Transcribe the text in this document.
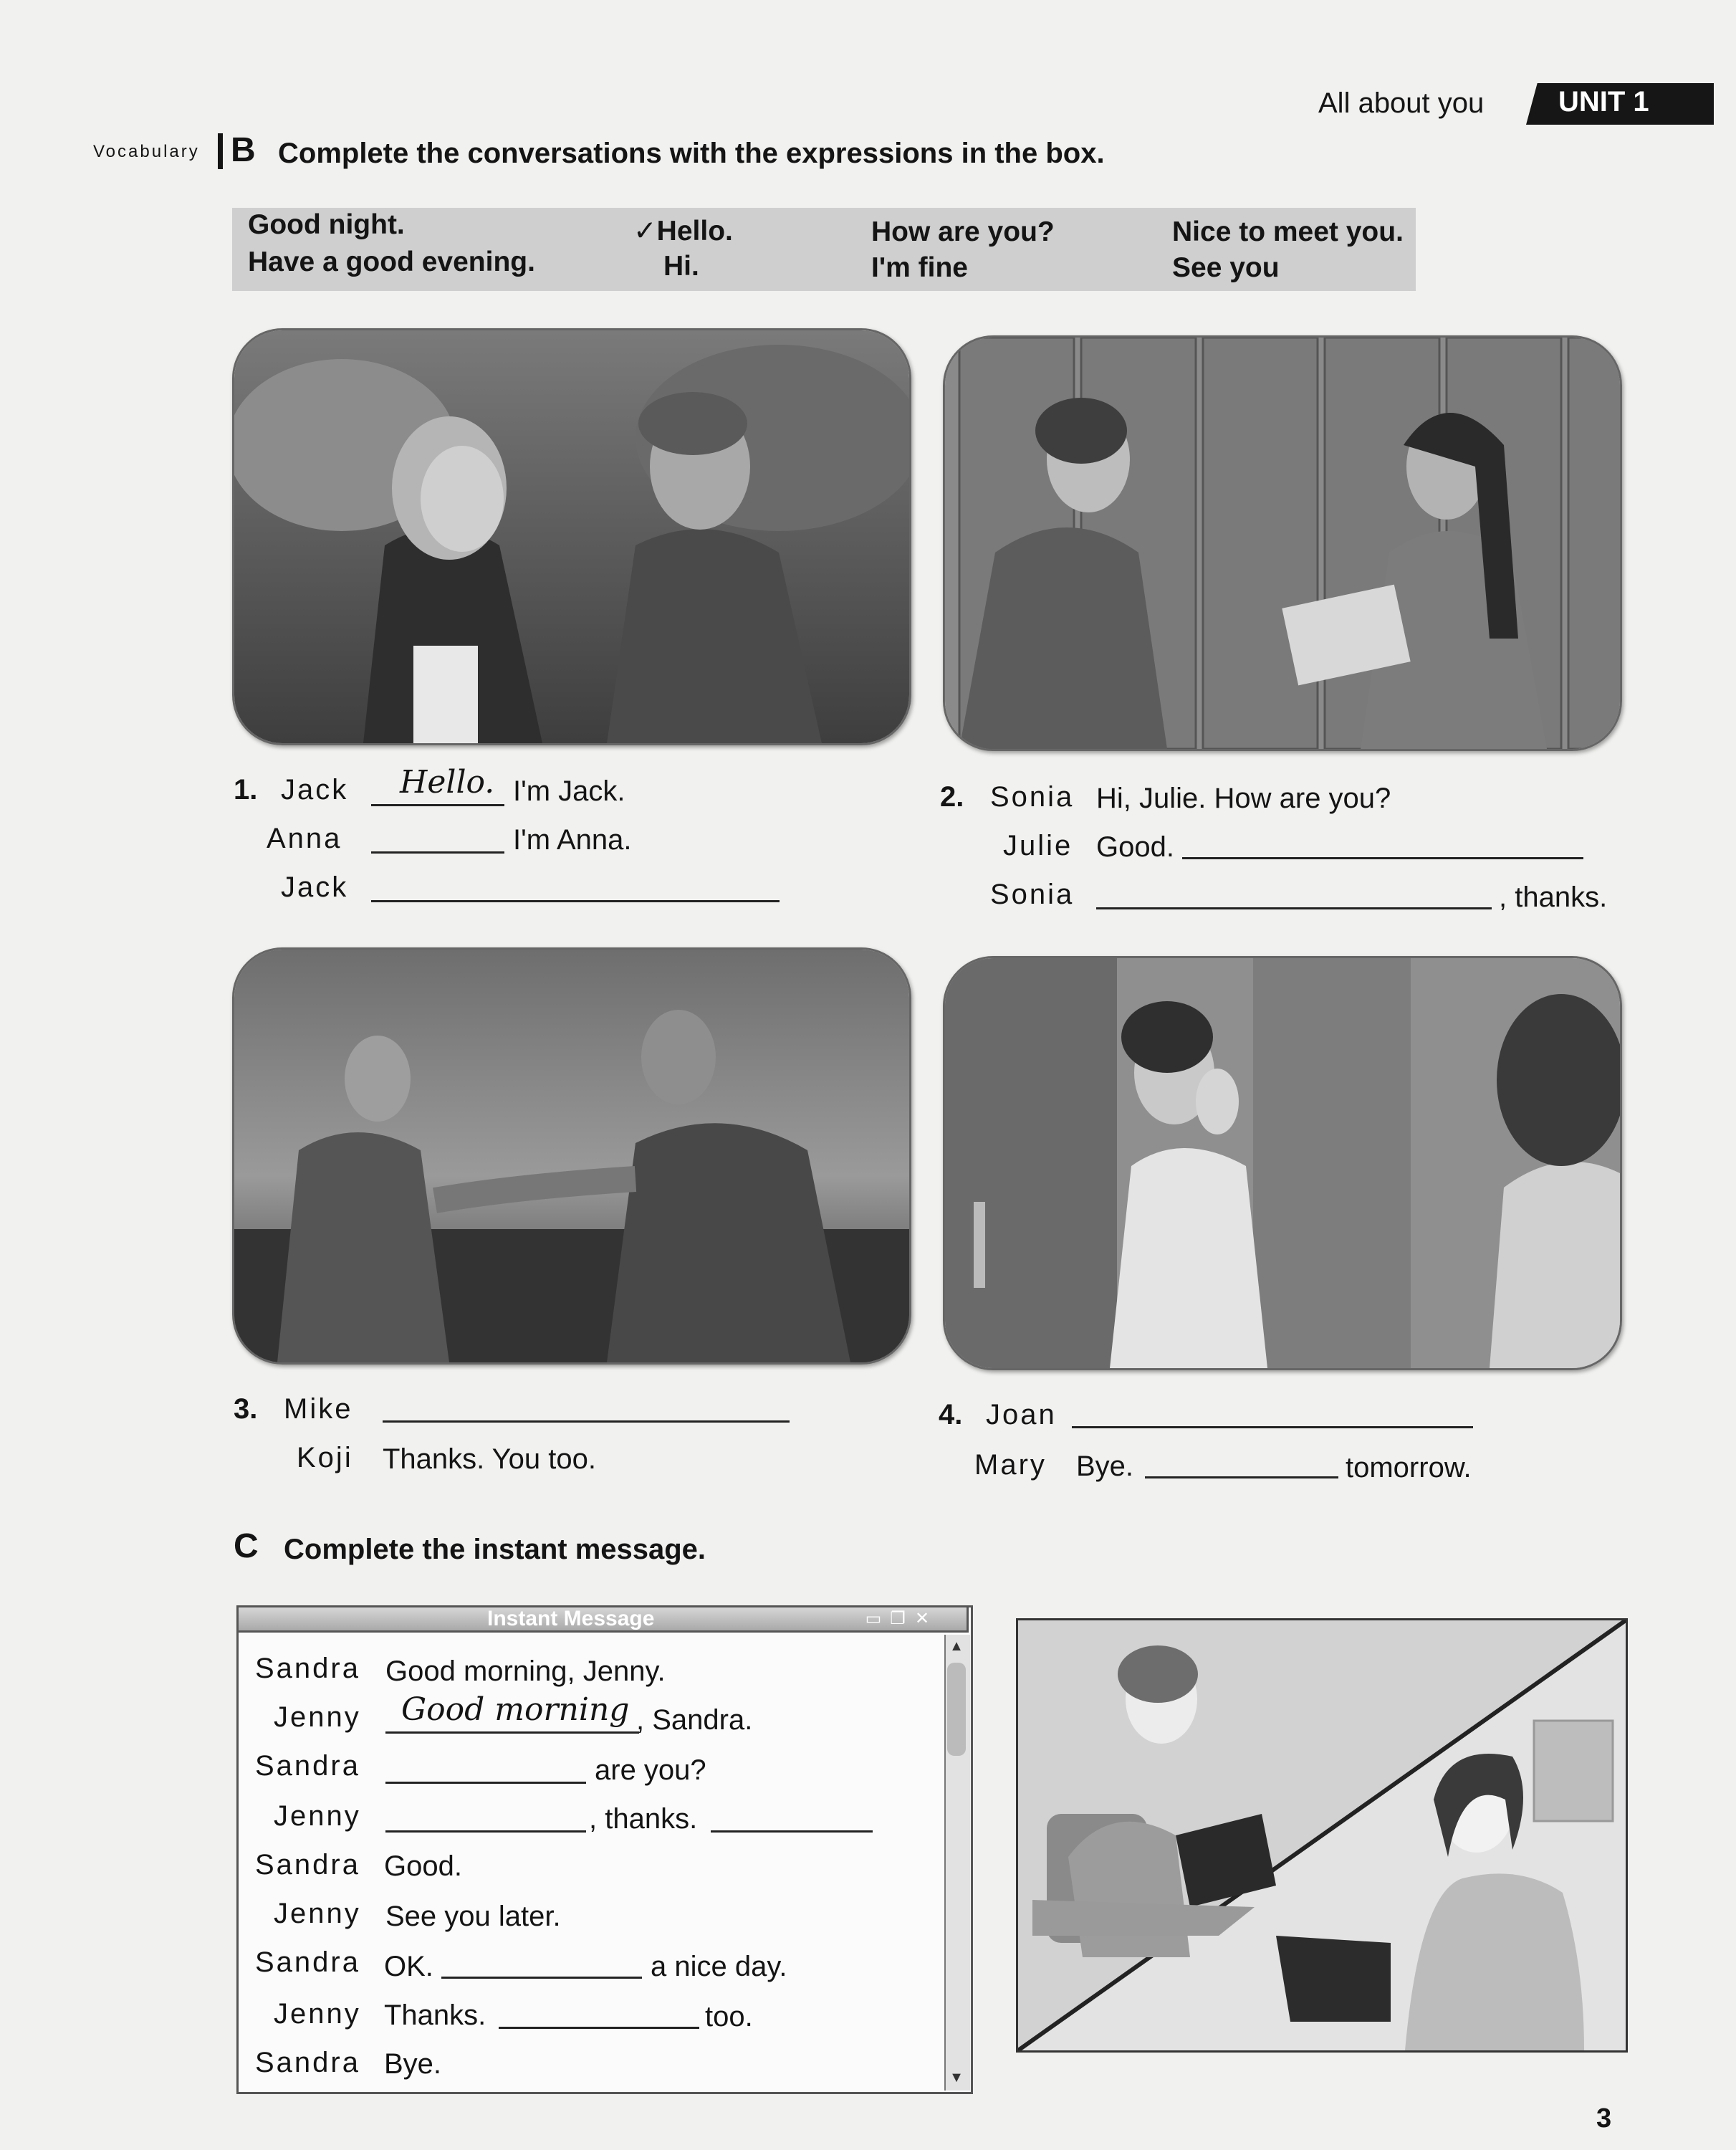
All about you	UNIT 1
Vocabulary B Complete the conversations with the expressions in the box.
Good night.
Have a good evening.
✓Hello.
Hi.
How are you?
I'm fine
Nice to meet you.
See you
1. Jack Hello. I'm Jack.
Anna	I'm Anna.
Jack
2. Sonia Hi, Julie. How are you?
Julie Good.
Sonia	, thanks.
3. Mike
Koji Thanks. You too.
4. Joan
Mary Bye.	tomorrow.
C Complete the instant message.
Instant Message	▭ ❐ ✕
▲
▼
Sandra Good morning, Jenny.
Jenny Good morning , Sandra.
Sandra	are you?
Jenny	, thanks.
Sandra Good.
Jenny See you later.
Sandra OK.	a nice day.
Jenny Thanks.	too.
Sandra Bye.
3
